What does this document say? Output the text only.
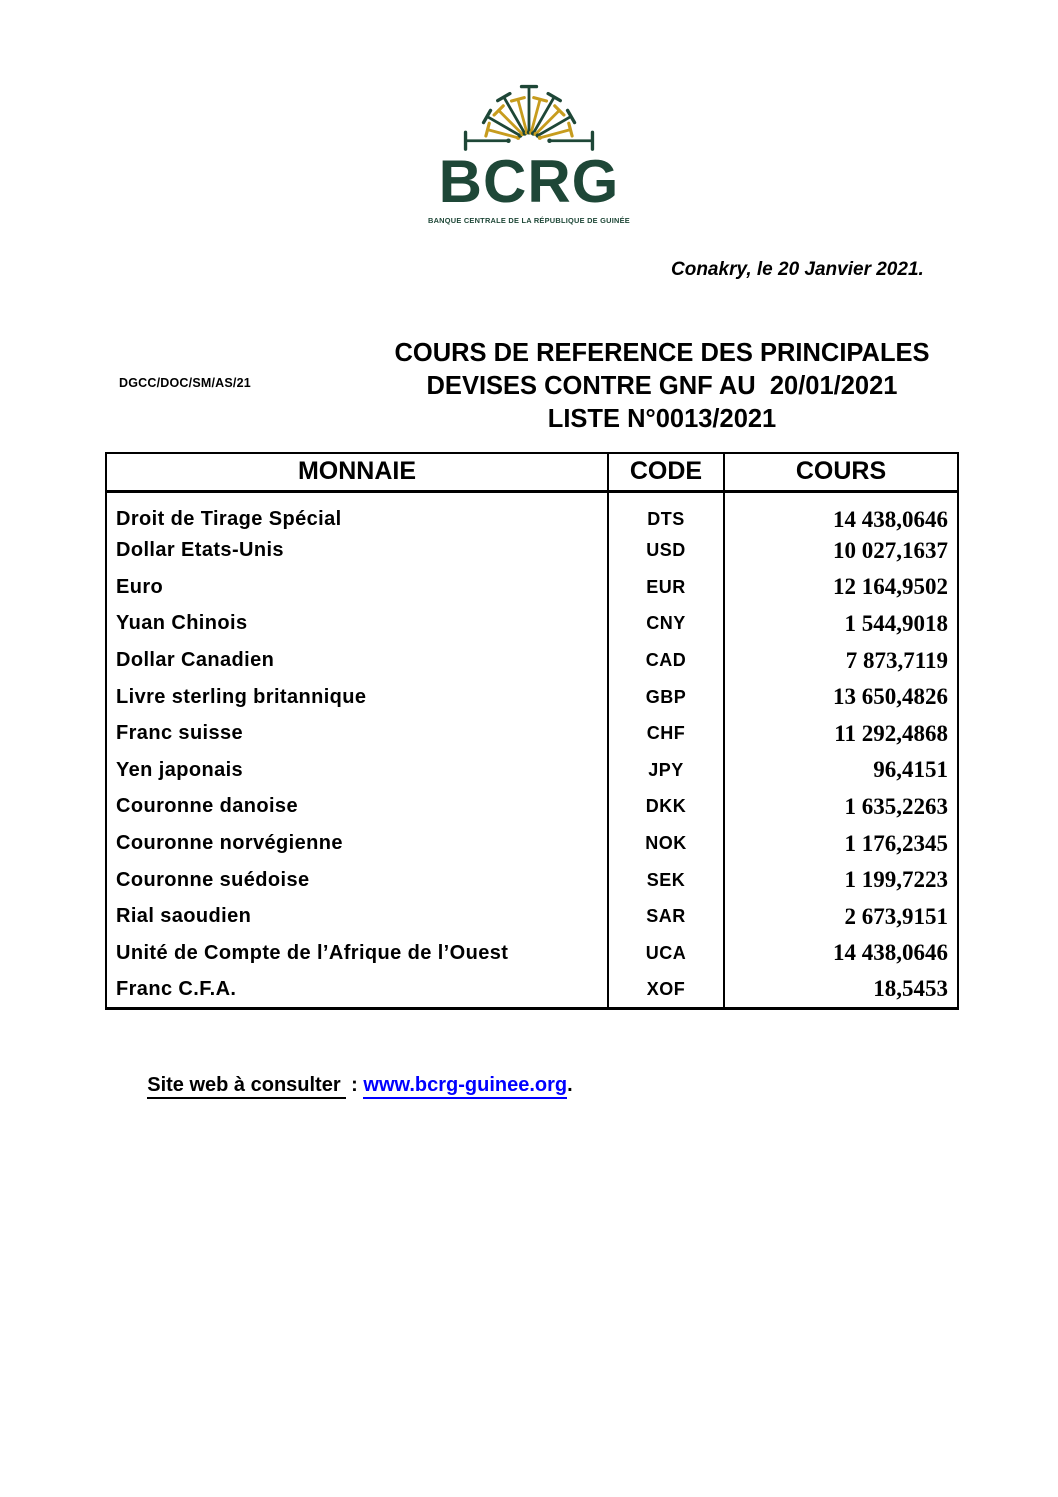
BCRG
BANQUE CENTRALE DE LA RÉPUBLIQUE DE GUINÉE
Conakry, le 20 Janvier 2021.
DGCC/DOC/SM/AS/21
COURS DE REFERENCE DES PRINCIPALES
DEVISES CONTRE GNF AU  20/01/2021
LISTE N°0013/2021
MONNAIE	CODE	COURS
Droit de Tirage Spécial	DTS	14 438,0646
Dollar Etats-Unis	USD	10 027,1637
Euro	EUR	12 164,9502
Yuan Chinois	CNY	1 544,9018
Dollar Canadien	CAD	7 873,7119
Livre sterling britannique	GBP	13 650,4826
Franc suisse	CHF	11 292,4868
Yen japonais	JPY	96,4151
Couronne danoise	DKK	1 635,2263
Couronne norvégienne	NOK	1 176,2345
Couronne suédoise	SEK	1 199,7223
Rial saoudien	SAR	2 673,9151
Unité de Compte de l’Afrique de l’Ouest	UCA	14 438,0646
Franc C.F.A.	XOF	18,5453

Site web à consulter : www.bcrg-guinee.org.
